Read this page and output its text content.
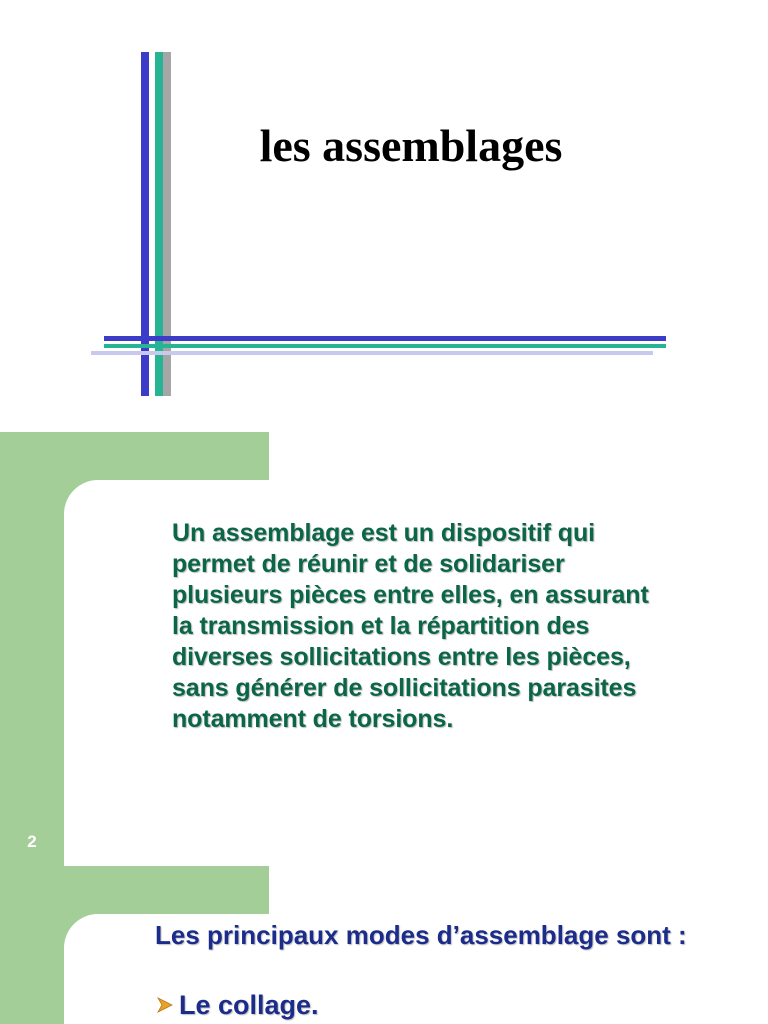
les assemblages
Un assemblage est un dispositif qui permet de réunir et de solidariser plusieurs pièces entre elles, en assurant la transmission et la répartition des diverses sollicitations entre les pièces, sans générer de sollicitations parasites notamment de torsions.
2
Les principaux modes d’assemblage sont :
Le collage.
